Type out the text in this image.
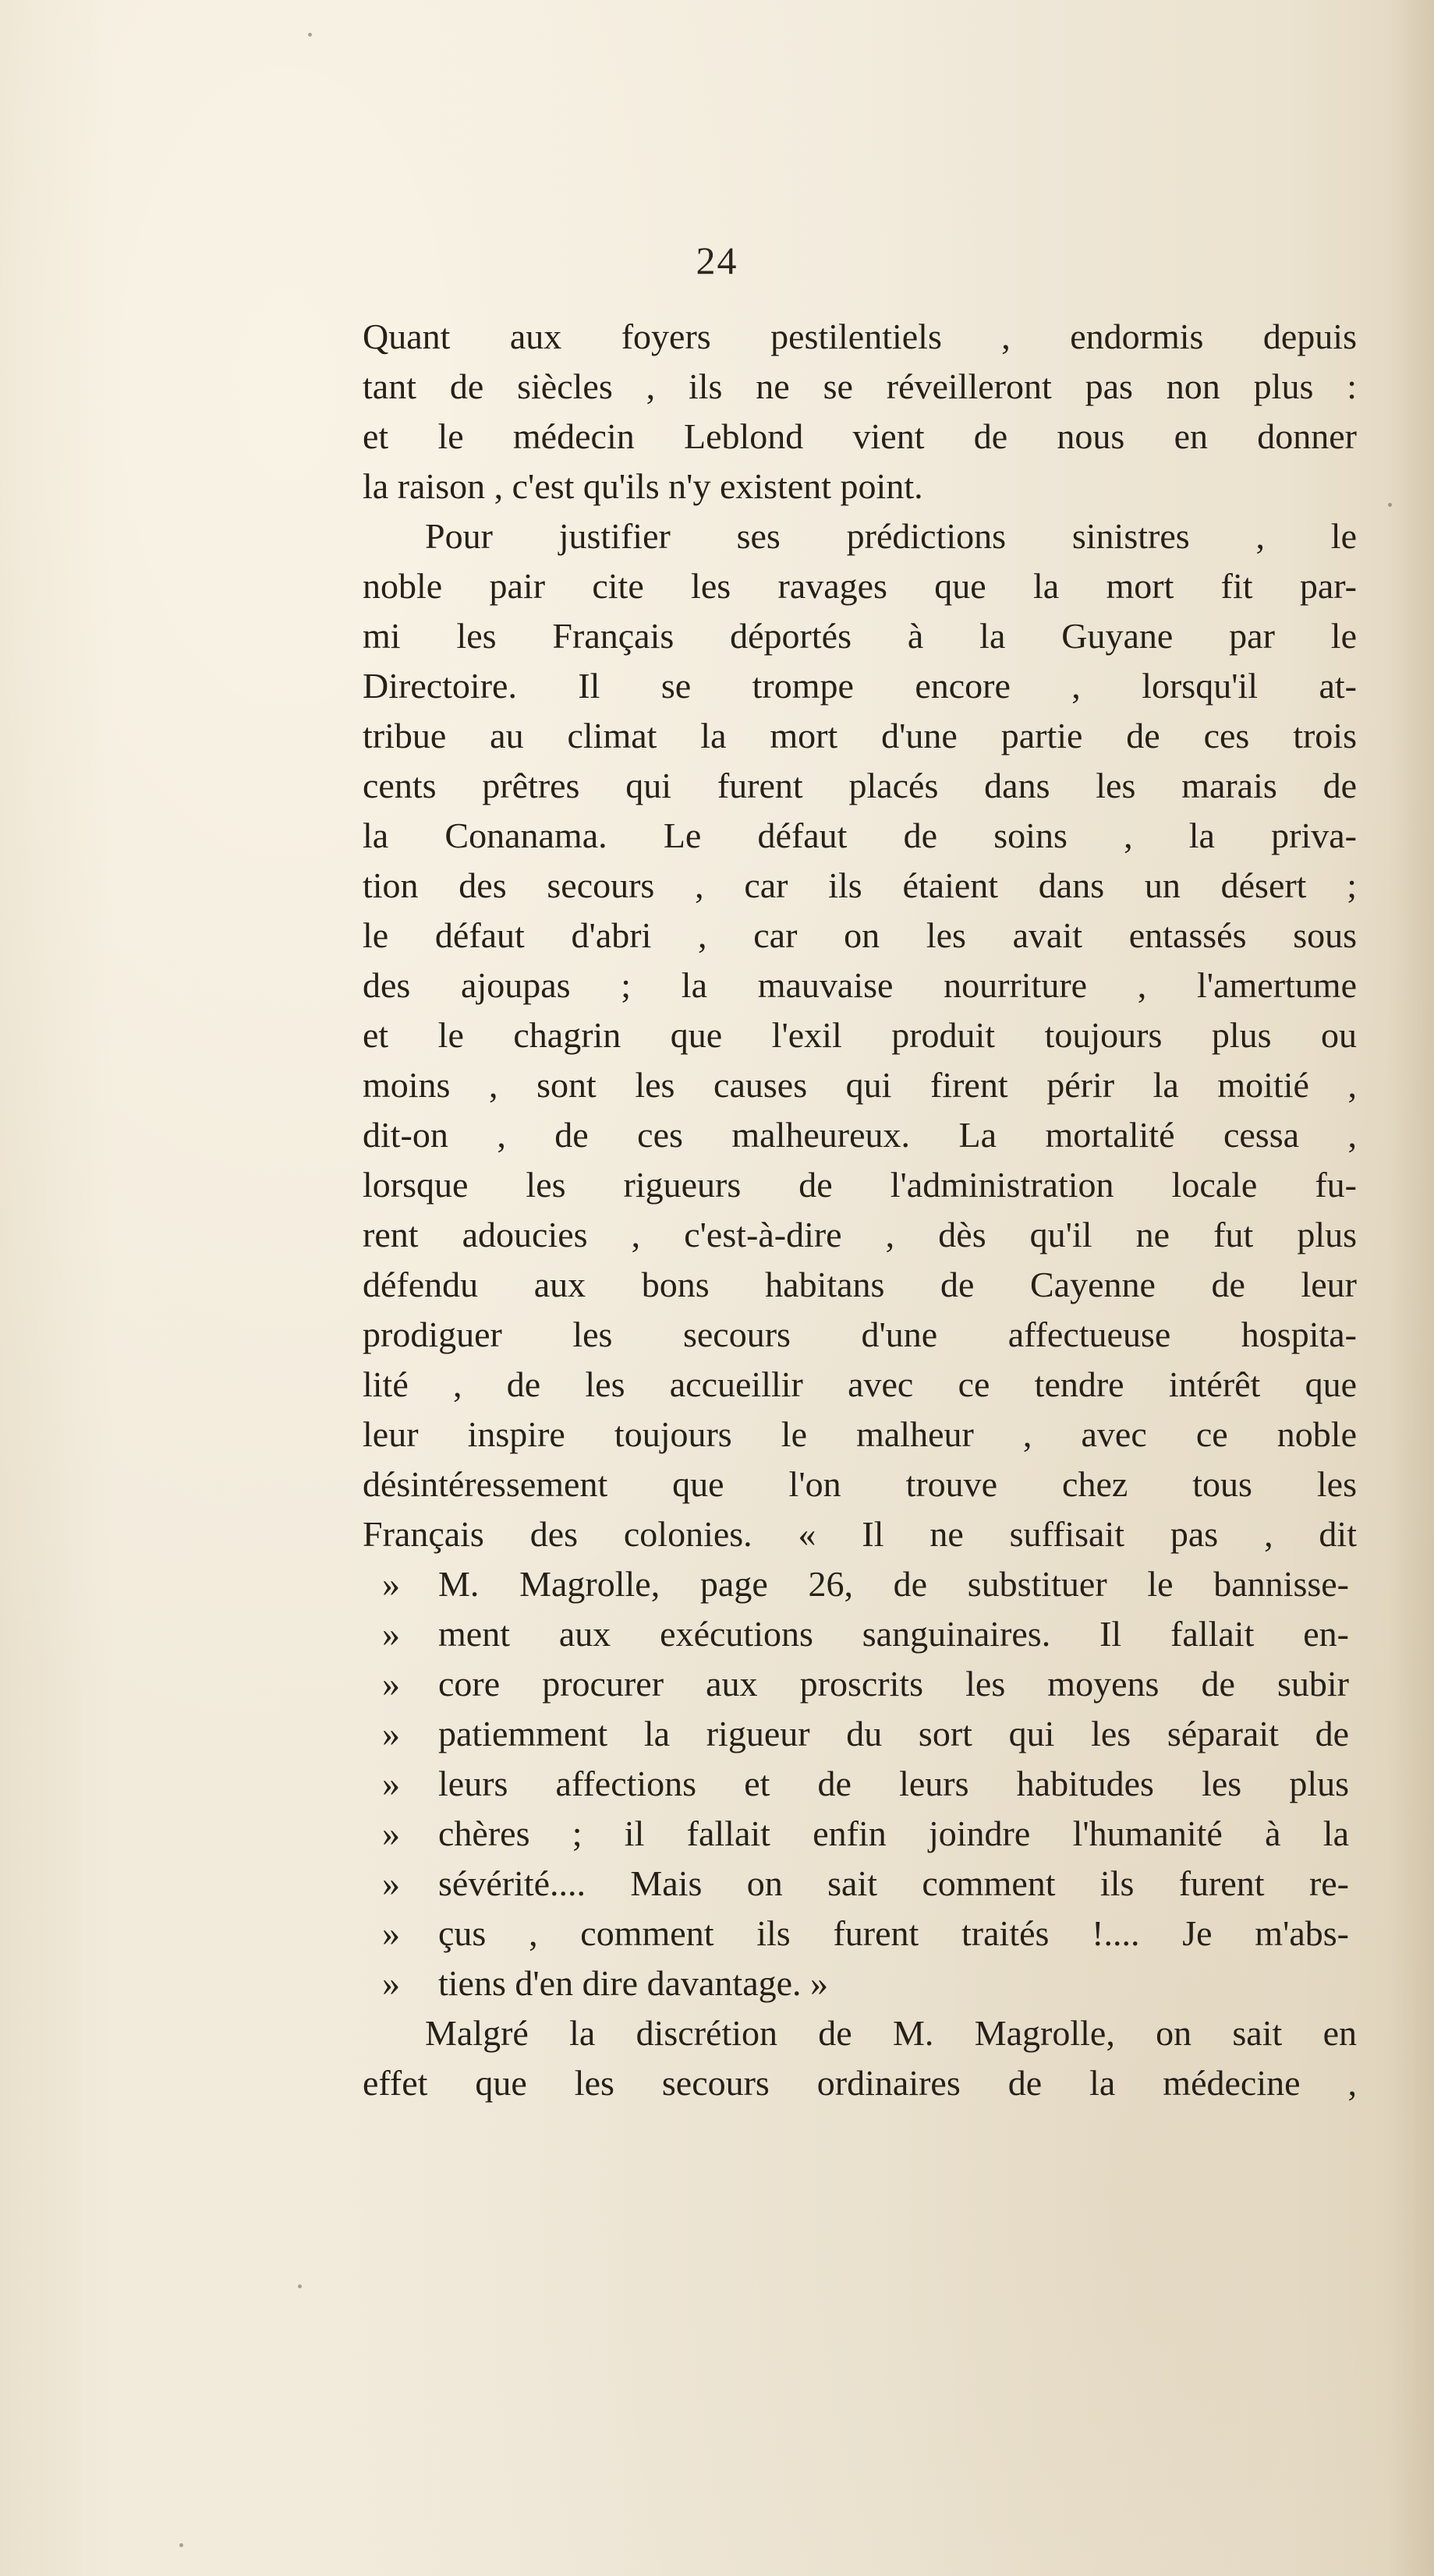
24
Quant aux foyers pestilentiels , endormis depuis
tant de siècles , ils ne se réveilleront pas non plus :
et le médecin Leblond vient de nous en donner
la raison , c'est qu'ils n'y existent point.
Pour justifier ses prédictions sinistres , le
noble pair cite les ravages que la mort fit par-
mi les Français déportés à la Guyane par le
Directoire. Il se trompe encore , lorsqu'il at-
tribue au climat la mort d'une partie de ces trois
cents prêtres qui furent placés dans les marais de
la Conanama. Le défaut de soins , la priva-
tion des secours , car ils étaient dans un désert ;
le défaut d'abri , car on les avait entassés sous
des ajoupas ; la mauvaise nourriture , l'amertume
et le chagrin que l'exil produit toujours plus ou
moins , sont les causes qui firent périr la moitié ,
dit-on , de ces malheureux. La mortalité cessa ,
lorsque les rigueurs de l'administration locale fu-
rent adoucies , c'est-à-dire , dès qu'il ne fut plus
défendu aux bons habitans de Cayenne de leur
prodiguer les secours d'une affectueuse hospita-
lité , de les accueillir avec ce tendre intérêt que
leur inspire toujours le malheur , avec ce noble
désintéressement que l'on trouve chez tous les
Français des colonies. « Il ne suffisait pas , dit
» M. Magrolle, page 26, de substituer le bannisse-
» ment aux exécutions sanguinaires. Il fallait en-
» core procurer aux proscrits les moyens de subir
» patiemment la rigueur du sort qui les séparait de
» leurs affections et de leurs habitudes les plus
» chères ; il fallait enfin joindre l'humanité à la
» sévérité.... Mais on sait comment ils furent re-
» çus , comment ils furent traités !.... Je m'abs-
» tiens d'en dire davantage. »
Malgré la discrétion de M. Magrolle, on sait en
effet que les secours ordinaires de la médecine ,
